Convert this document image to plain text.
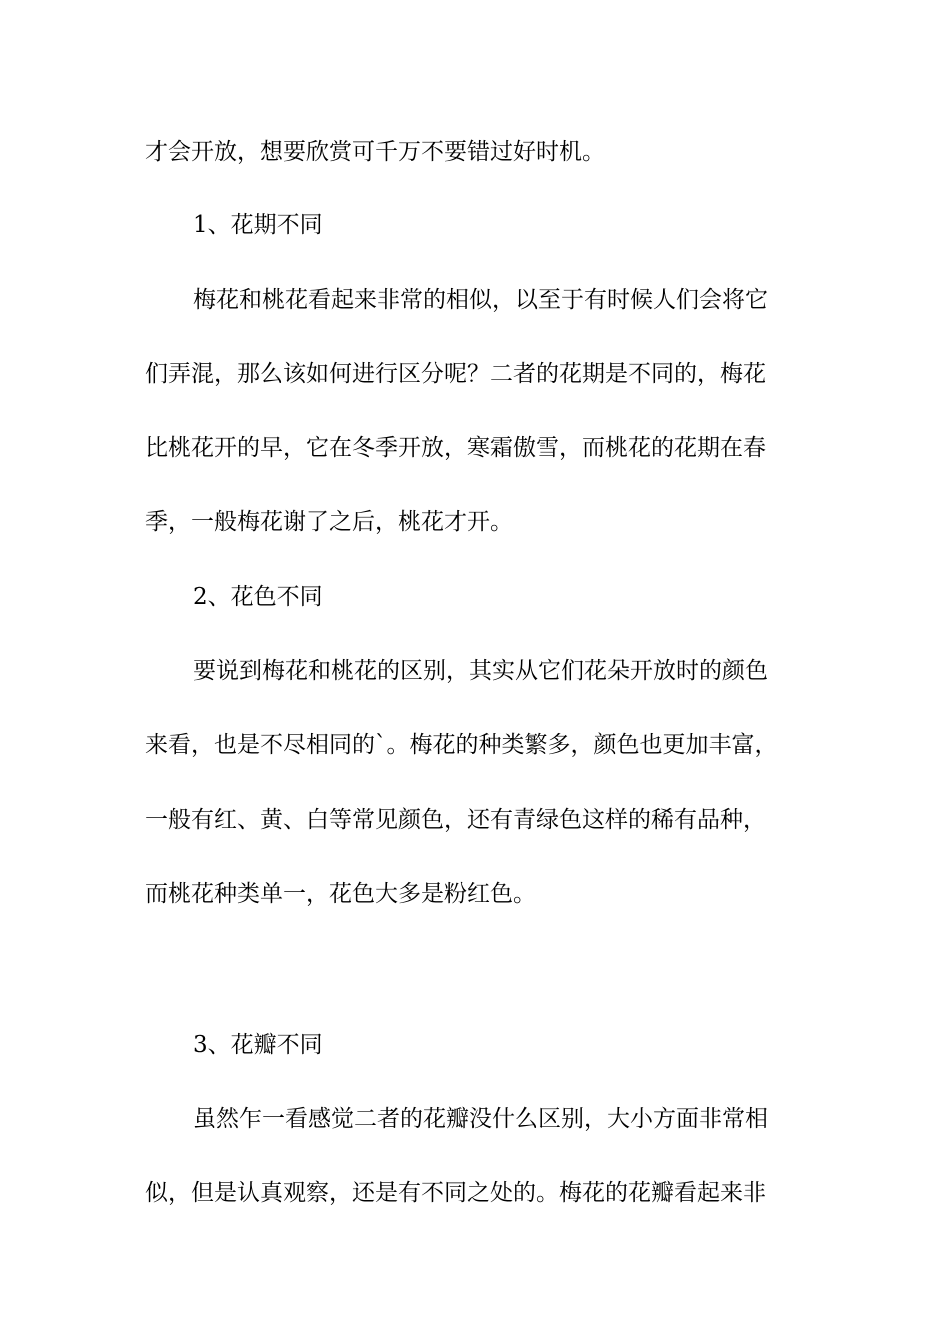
才会开放，想要欣赏可千万不要错过好时机。
1、花期不同
梅花和桃花看起来非常的相似，以至于有时候人们会将它
们弄混，那么该如何进行区分呢？二者的花期是不同的，梅花
比桃花开的早，它在冬季开放，寒霜傲雪，而桃花的花期在春
季，一般梅花谢了之后，桃花才开。
2、花色不同
要说到梅花和桃花的区别，其实从它们花朵开放时的颜色
来看，也是不尽相同的`。梅花的种类繁多，颜色也更加丰富，
一般有红、黄、白等常见颜色，还有青绿色这样的稀有品种，
而桃花种类单一，花色大多是粉红色。
3、花瓣不同
虽然乍一看感觉二者的花瓣没什么区别，大小方面非常相
似，但是认真观察，还是有不同之处的。梅花的花瓣看起来非
